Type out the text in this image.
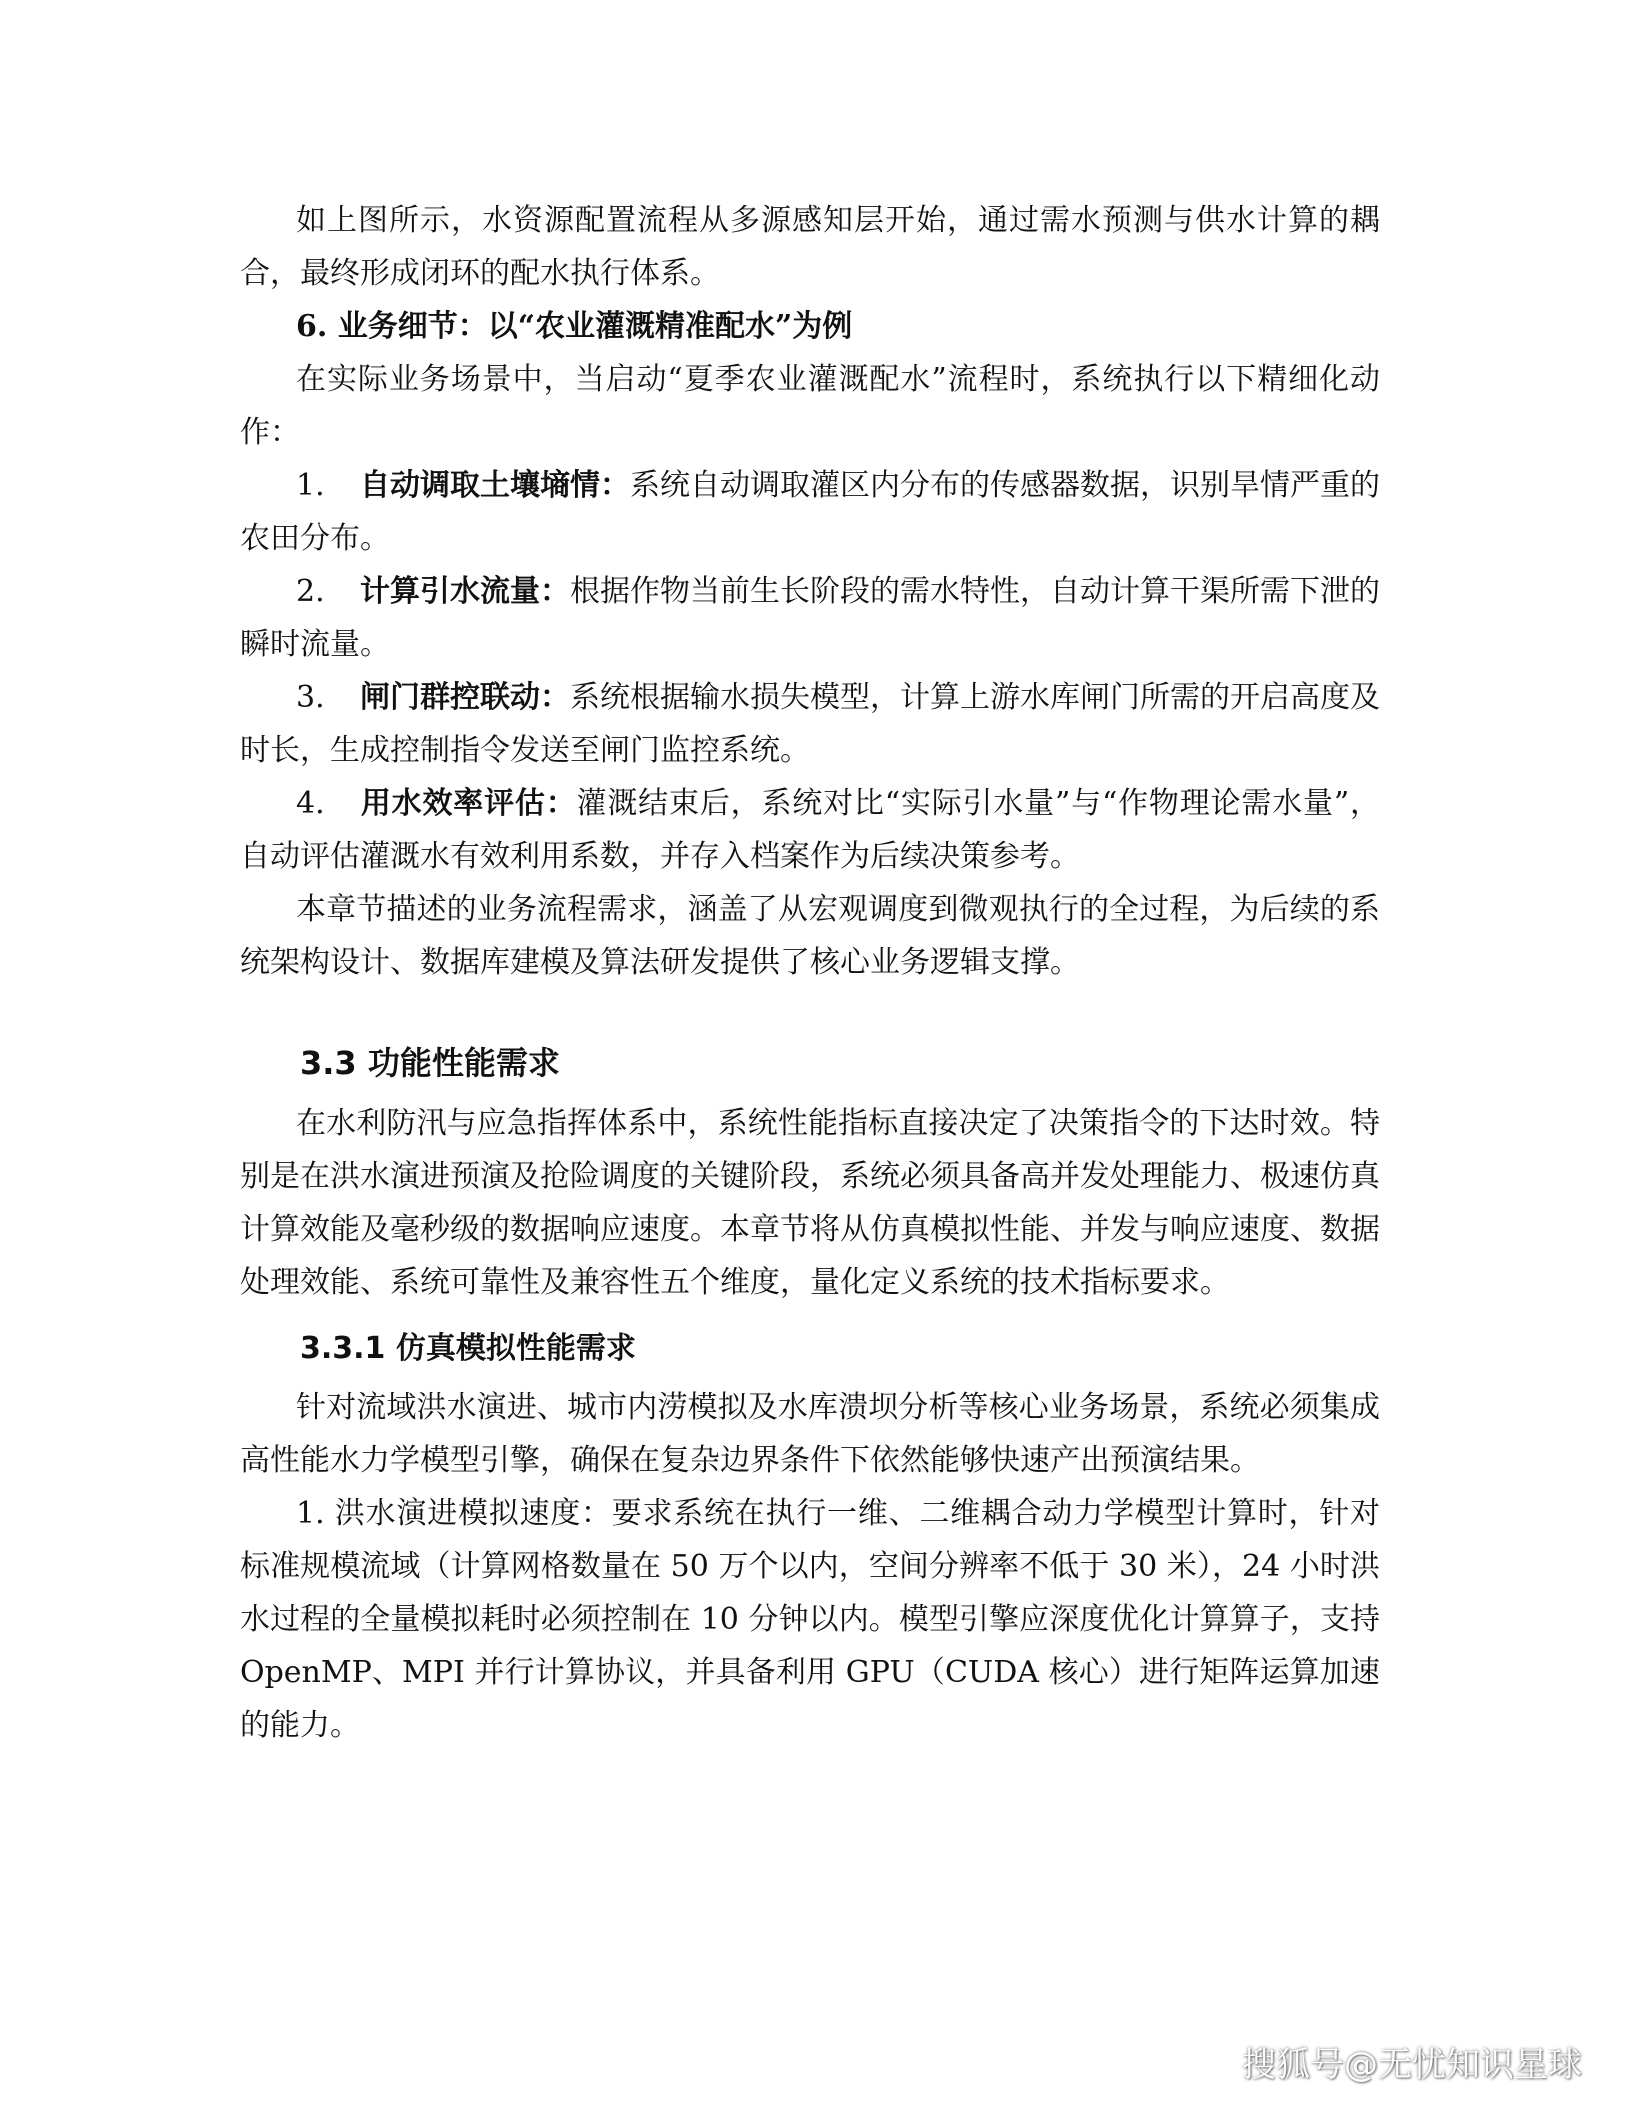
如上图所示，水资源配置流程从多源感知层开始，通过需水预测与供水计算的耦合，最终形成闭环的配水执行体系。

6. 业务细节：以“农业灌溉精准配水”为例

在实际业务场景中，当启动“夏季农业灌溉配水”流程时，系统执行以下精细化动作：

1. 自动调取土壤墒情：系统自动调取灌区内分布的传感器数据，识别旱情严重的农田分布。

2. 计算引水流量：根据作物当前生长阶段的需水特性，自动计算干渠所需下泄的瞬时流量。

3. 闸门群控联动：系统根据输水损失模型，计算上游水库闸门所需的开启高度及时长，生成控制指令发送至闸门监控系统。

4. 用水效率评估：灌溉结束后，系统对比“实际引水量”与“作物理论需水量”，自动评估灌溉水有效利用系数，并存入档案作为后续决策参考。

本章节描述的业务流程需求，涵盖了从宏观调度到微观执行的全过程，为后续的系统架构设计、数据库建模及算法研发提供了核心业务逻辑支撑。

3.3 功能性能需求

在水利防汛与应急指挥体系中，系统性能指标直接决定了决策指令的下达时效。特别是在洪水演进预演及抢险调度的关键阶段，系统必须具备高并发处理能力、极速仿真计算效能及毫秒级的数据响应速度。本章节将从仿真模拟性能、并发与响应速度、数据处理效能、系统可靠性及兼容性五个维度，量化定义系统的技术指标要求。

3.3.1 仿真模拟性能需求

针对流域洪水演进、城市内涝模拟及水库溃坝分析等核心业务场景，系统必须集成高性能水力学模型引擎，确保在复杂边界条件下依然能够快速产出预演结果。

1. 洪水演进模拟速度：要求系统在执行一维、二维耦合动力学模型计算时，针对标准规模流域（计算网格数量在 50 万个以内，空间分辨率不低于 30 米），24 小时洪水过程的全量模拟耗时必须控制在 10 分钟以内。模型引擎应深度优化计算算子，支持 OpenMP、MPI 并行计算协议，并具备利用 GPU（CUDA 核心）进行矩阵运算加速的能力。

搜狐号@无忧知识星球
